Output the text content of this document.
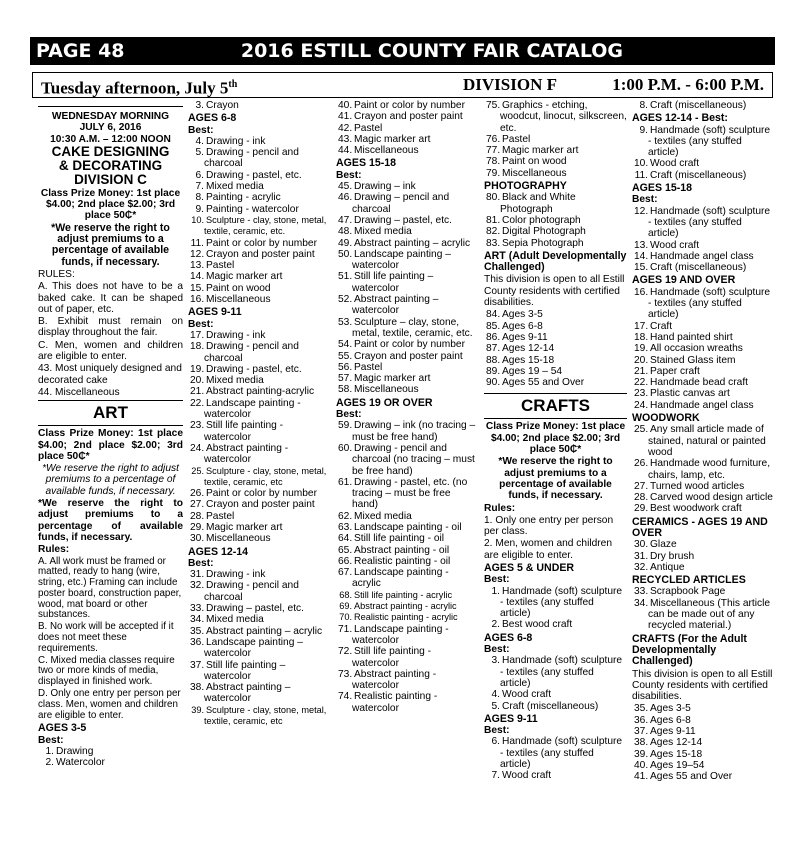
PAGE 48	2016 ESTILL COUNTY FAIR CATALOG
Tuesday afternoon, July 5th	DIVISION F	1:00 P.M. - 6:00 P.M.
WEDNESDAY MORNING
JULY 6, 2016
10:30 A.M. – 12:00 NOON
CAKE DESIGNING
& DECORATING
DIVISION C
Class Prize Money: 1st place $4.00; 2nd place $2.00; 3rd place 50₵*
*We reserve the right to adjust premiums to a percentage of available funds, if necessary.
RULES:
A. This does not have to be a baked cake. It can be shaped out of paper, etc.
B. Exhibit must remain on display throughout the fair.
C. Men, women and children are eligible to enter.
43. Most uniquely designed and decorated cake
44. Miscellaneous
ART
Class Prize Money: 1st place $4.00; 2nd place $2.00; 3rd place 50₵*
*We reserve the right to adjust premiums to a percentage of available funds, if necessary.
*We reserve the right to adjust premiums to a percentage of available funds, if necessary.
Rules:
A. All work must be framed or matted, ready to hang (wire, string, etc.) Framing can include poster board, construction paper, wood, mat board or other substances.
B. No work will be accepted if it does not meet these requirements.
C. Mixed media classes require two or more kinds of media, displayed in finished work.
D. Only one entry per person per class. Men, women and children are eligible to enter.
AGES 3-5
Best:
1. Drawing
2. Watercolor
3. Crayon
AGES 6-8
Best:
4. Drawing - ink
5. Drawing - pencil and charcoal
6. Drawing - pastel, etc.
7. Mixed media
8. Painting - acrylic
9. Painting - watercolor
10. Sculpture - clay, stone, metal, textile, ceramic, etc.
11. Paint or color by number
12. Crayon and poster paint
13. Pastel
14. Magic marker art
15. Paint on wood
16. Miscellaneous
AGES 9-11
Best:
17. Drawing - ink
18. Drawing - pencil and charcoal
19. Drawing - pastel, etc.
20. Mixed media
21. Abstract painting-acrylic
22. Landscape painting - watercolor
23. Still life painting - watercolor
24. Abstract painting - watercolor
25. Sculpture - clay, stone, metal, textile, ceramic, etc
26. Paint or color by number
27. Crayon and poster paint
28. Pastel
29. Magic marker art
30. Miscellaneous
AGES 12-14
Best:
31. Drawing - ink
32. Drawing - pencil and charcoal
33. Drawing – pastel, etc.
34. Mixed media
35. Abstract painting – acrylic
36. Landscape painting – watercolor
37. Still life painting – watercolor
38. Abstract painting – watercolor
39. Sculpture - clay, stone, metal, textile, ceramic, etc
40. Paint or color by number
41. Crayon and poster paint
42. Pastel
43. Magic marker art
44. Miscellaneous
AGES 15-18
Best:
45. Drawing – ink
46. Drawing – pencil and charcoal
47. Drawing – pastel, etc.
48. Mixed media
49. Abstract painting – acrylic
50. Landscape painting – watercolor
51. Still life painting – watercolor
52. Abstract painting – watercolor
53. Sculpture – clay, stone, metal, textile, ceramic, etc.
54. Paint or color by number
55. Crayon and poster paint
56. Pastel
57. Magic marker art
58. Miscellaneous
AGES 19 OR OVER
Best:
59. Drawing – ink (no tracing – must be free hand)
60. Drawing - pencil and charcoal (no tracing – must be free hand)
61. Drawing - pastel, etc. (no tracing – must be free hand)
62. Mixed media
63. Landscape painting - oil
64. Still life painting - oil
65. Abstract painting - oil
66. Realistic painting - oil
67. Landscape painting - acrylic
68. Still life painting - acrylic
69. Abstract painting - acrylic
70. Realistic painting - acrylic
71. Landscape painting - watercolor
72. Still life painting - watercolor
73. Abstract painting - watercolor
74. Realistic painting - watercolor
75. Graphics - etching, woodcut, linocut, silkscreen, etc.
76. Pastel
77. Magic marker art
78. Paint on wood
79. Miscellaneous
PHOTOGRAPHY
80. Black and White Photograph
81. Color photograph
82. Digital Photograph
83. Sepia Photograph
ART (Adult Developmentally Challenged)
This division is open to all Estill County residents with certified disabilities.
84. Ages 3-5
85. Ages 6-8
86. Ages 9-11
87. Ages 12-14
88. Ages 15-18
89. Ages 19 – 54
90. Ages 55 and Over
CRAFTS
Class Prize Money: 1st place $4.00; 2nd place $2.00; 3rd place 50₵*
*We reserve the right to adjust premiums to a percentage of available funds, if necessary.
Rules:
1. Only one entry per person per class.
2. Men, women and children are eligible to enter.
AGES 5 & UNDER
Best:
1. Handmade (soft) sculpture - textiles (any stuffed article)
2. Best wood craft
AGES 6-8
Best:
3. Handmade (soft) sculpture - textiles (any stuffed article)
4. Wood craft
5. Craft (miscellaneous)
AGES 9-11
Best:
6. Handmade (soft) sculpture - textiles (any stuffed article)
7. Wood craft
8. Craft (miscellaneous)
AGES 12-14 - Best:
9. Handmade (soft) sculpture - textiles (any stuffed article)
10. Wood craft
11. Craft (miscellaneous)
AGES 15-18
Best:
12. Handmade (soft) sculpture - textiles (any stuffed article)
13. Wood craft
14. Handmade angel class
15. Craft (miscellaneous)
AGES 19 AND OVER
16. Handmade (soft) sculpture - textiles (any stuffed article)
17. Craft
18. Hand painted shirt
19. All occasion wreaths
20. Stained Glass item
21. Paper craft
22. Handmade bead craft
23. Plastic canvas art
24. Handmade angel class
WOODWORK
25. Any small article made of stained, natural or painted wood
26. Handmade wood furniture, chairs, lamp, etc.
27. Turned wood articles
28. Carved wood design article
29. Best woodwork craft
CERAMICS - AGES 19 AND OVER
30. Glaze
31. Dry brush
32. Antique
RECYCLED ARTICLES
33. Scrapbook Page
34. Miscellaneous (This article can be made out of any recycled material.)
CRAFTS (For the Adult Developmentally Challenged)
This division is open to all Estill County residents with certified disabilities.
35. Ages 3-5
36. Ages 6-8
37. Ages 9-11
38. Ages 12-14
39. Ages 15-18
40. Ages 19–54
41. Ages 55 and Over
